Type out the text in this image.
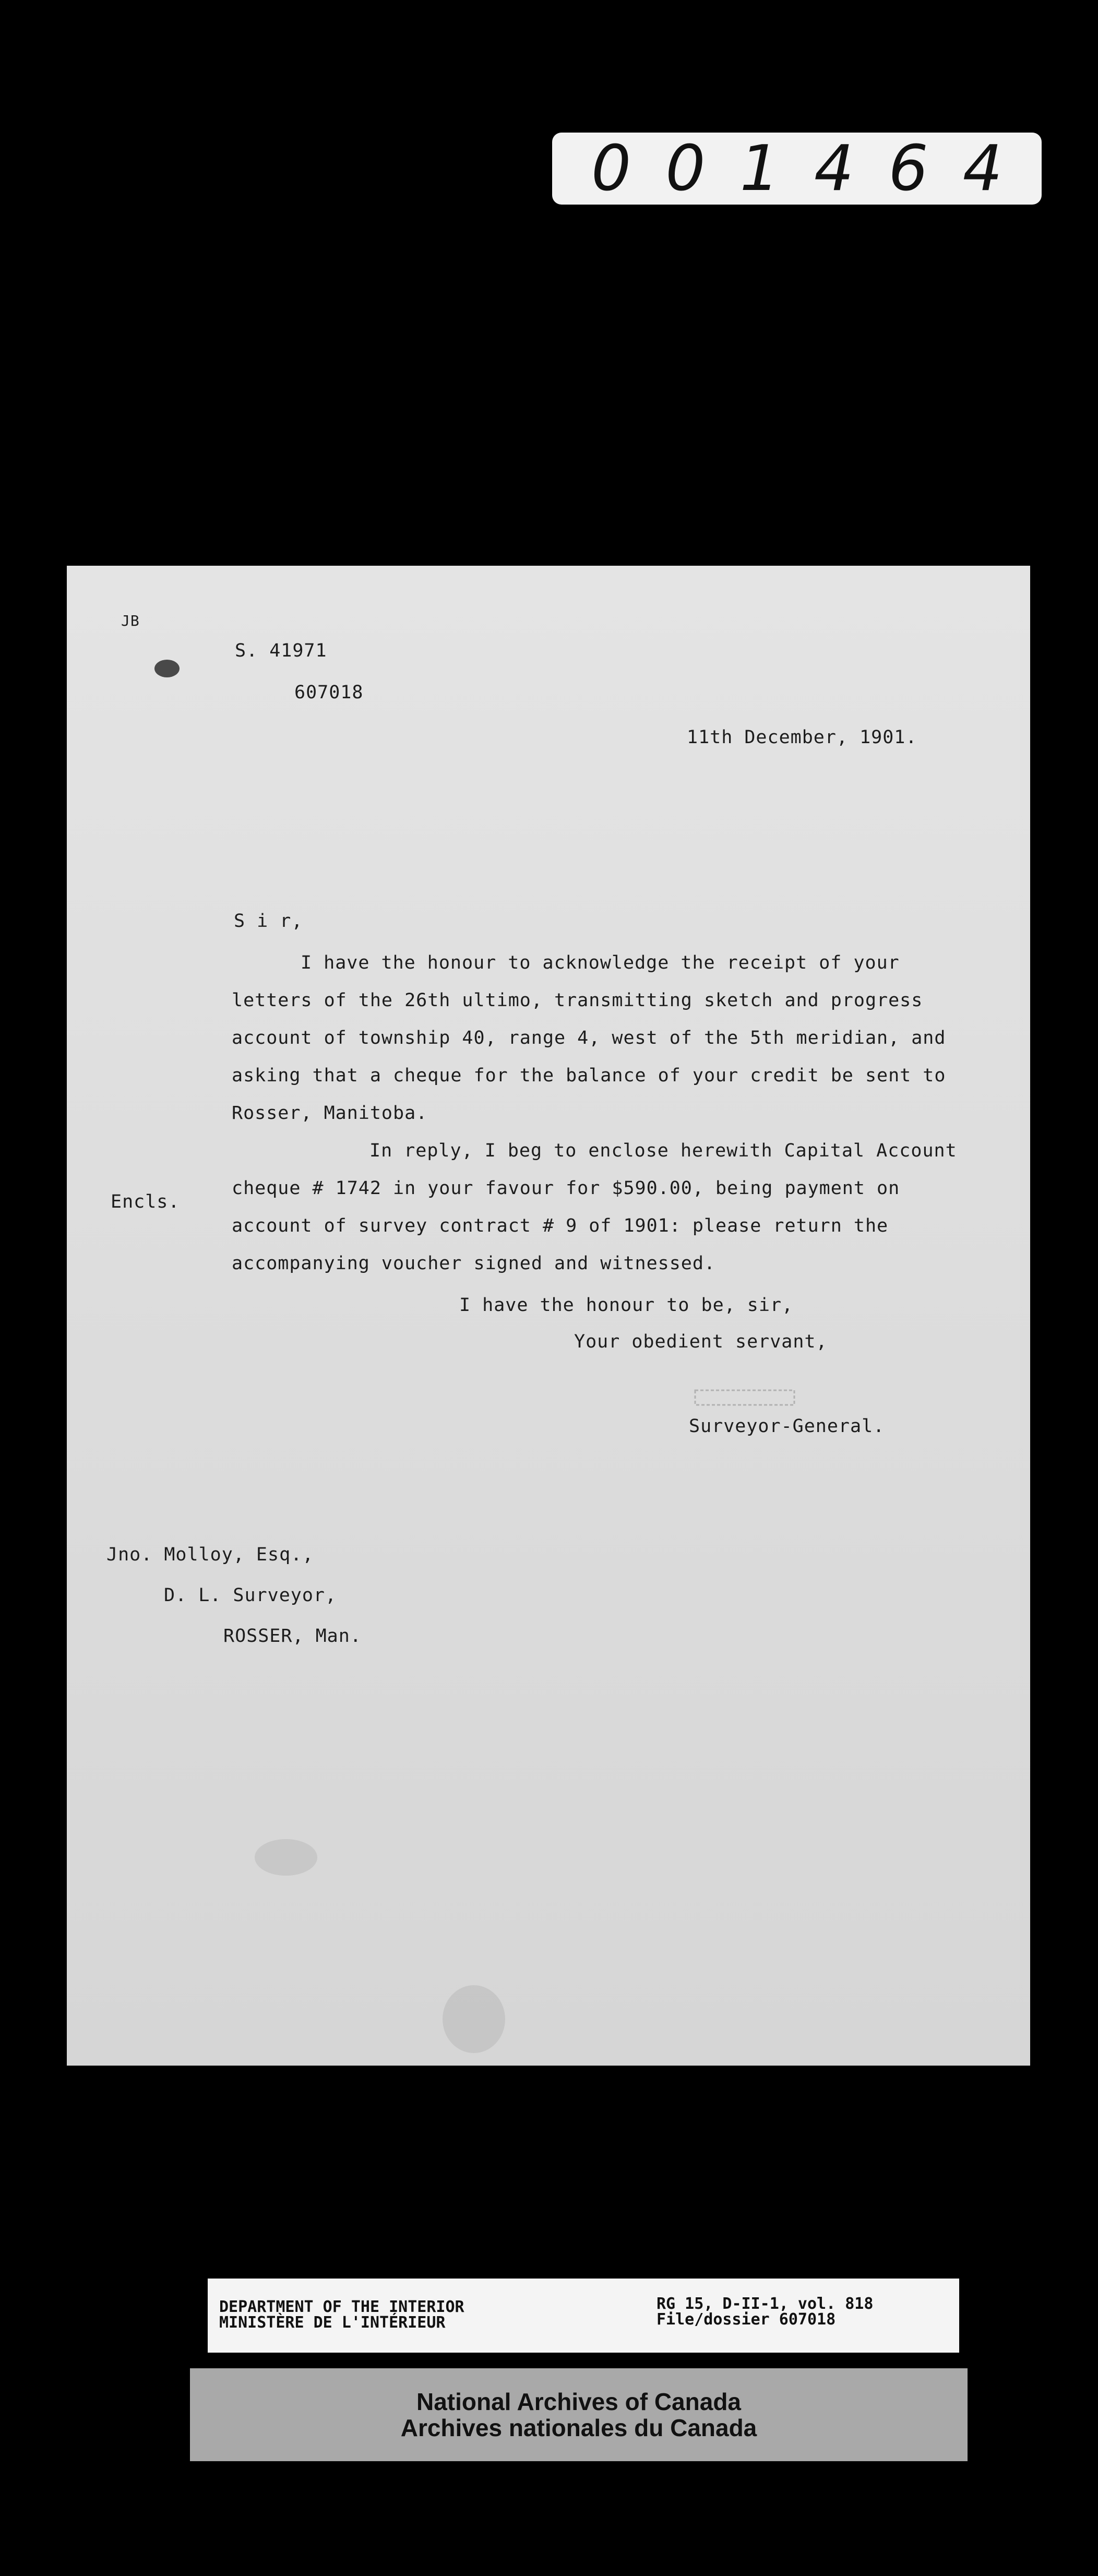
001464
JB
S. 41971
607018
11th December, 1901.
S i r,
I have the honour to acknowledge the receipt of your
letters of the 26th ultimo, transmitting sketch and progress
account of township 40, range 4, west of the 5th meridian, and
asking that a cheque for the balance of your credit be sent to
Rosser, Manitoba.
In reply, I beg to enclose herewith Capital Account
cheque # 1742 in your favour for $590.00, being payment on
account of survey contract # 9 of 1901: please return the
accompanying voucher signed and witnessed.
Encls.
I have the honour to be, sir,
Your obedient servant,
Surveyor-General.
Jno. Molloy, Esq.,
D. L. Surveyor,
ROSSER, Man.
DEPARTMENT OF THE INTERIOR
MINISTÈRE DE L'INTÉRIEUR
RG 15, D-II-1, vol. 818
File/dossier 607018
National Archives of Canada
Archives nationales du Canada
